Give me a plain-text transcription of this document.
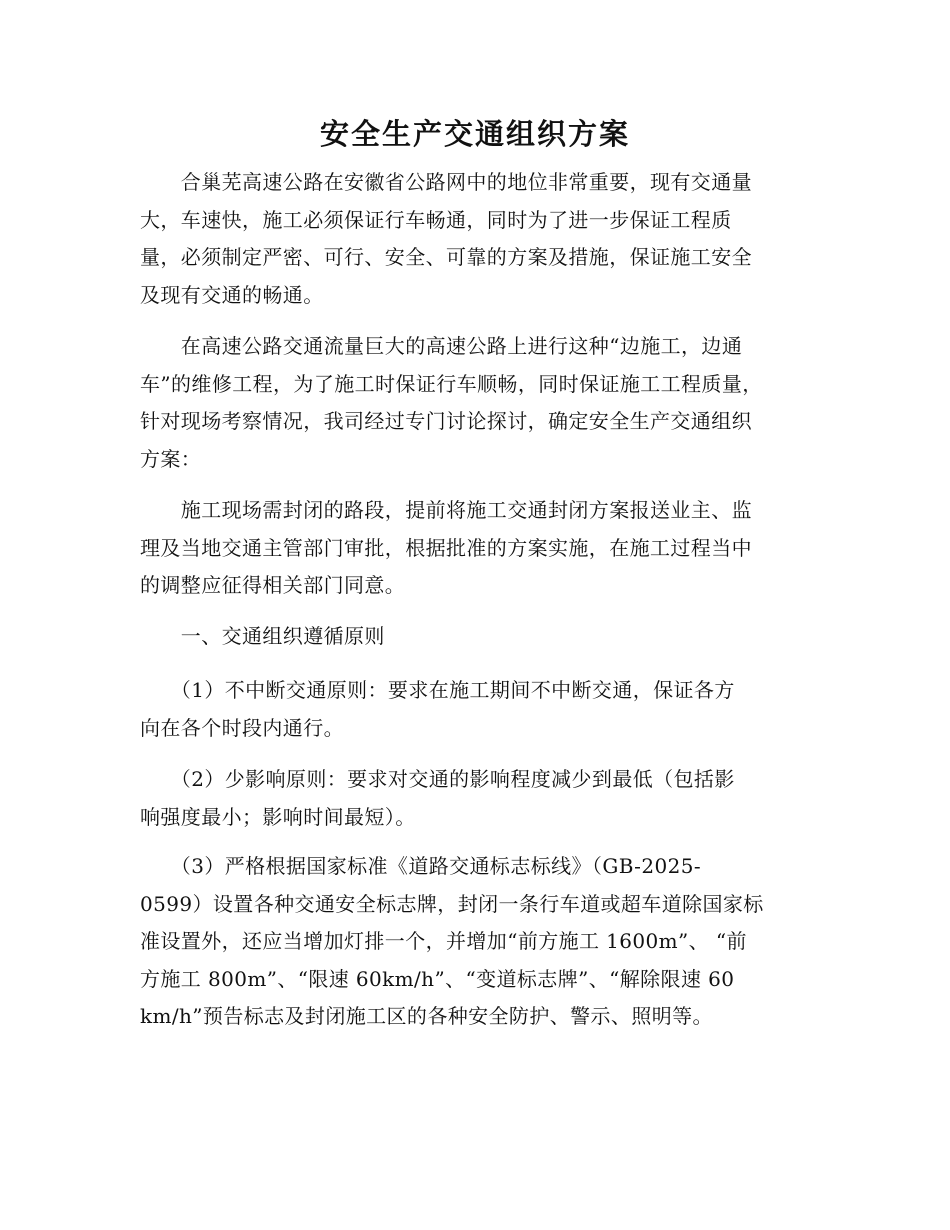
安全生产交通组织方案
　　合巢芜高速公路在安徽省公路网中的地位非常重要，现有交通量
大，车速快，施工必须保证行车畅通，同时为了进一步保证工程质
量，必须制定严密、可行、安全、可靠的方案及措施，保证施工安全
及现有交通的畅通。
　　在高速公路交通流量巨大的高速公路上进行这种“边施工，边通
车”的维修工程，为了施工时保证行车顺畅，同时保证施工工程质量，
针对现场考察情况，我司经过专门讨论探讨，确定安全生产交通组织
方案：
　　施工现场需封闭的路段，提前将施工交通封闭方案报送业主、监
理及当地交通主管部门审批，根据批准的方案实施，在施工过程当中
的调整应征得相关部门同意。
　　一、交通组织遵循原则
　　（1）不中断交通原则：要求在施工期间不中断交通，保证各方
向在各个时段内通行。
　　（2）少影响原则：要求对交通的影响程度减少到最低（包括影
响强度最小；影响时间最短）。
　　（3）严格根据国家标准《道路交通标志标线》（GB-2025-
0599）设置各种交通安全标志牌，封闭一条行车道或超车道除国家标
准设置外，还应当增加灯排一个，并增加“前方施工 1600m”、 “前
方施工 800m”、“限速 60km/h”、“变道标志牌”、“解除限速 60
km/h”预告标志及封闭施工区的各种安全防护、警示、照明等。
